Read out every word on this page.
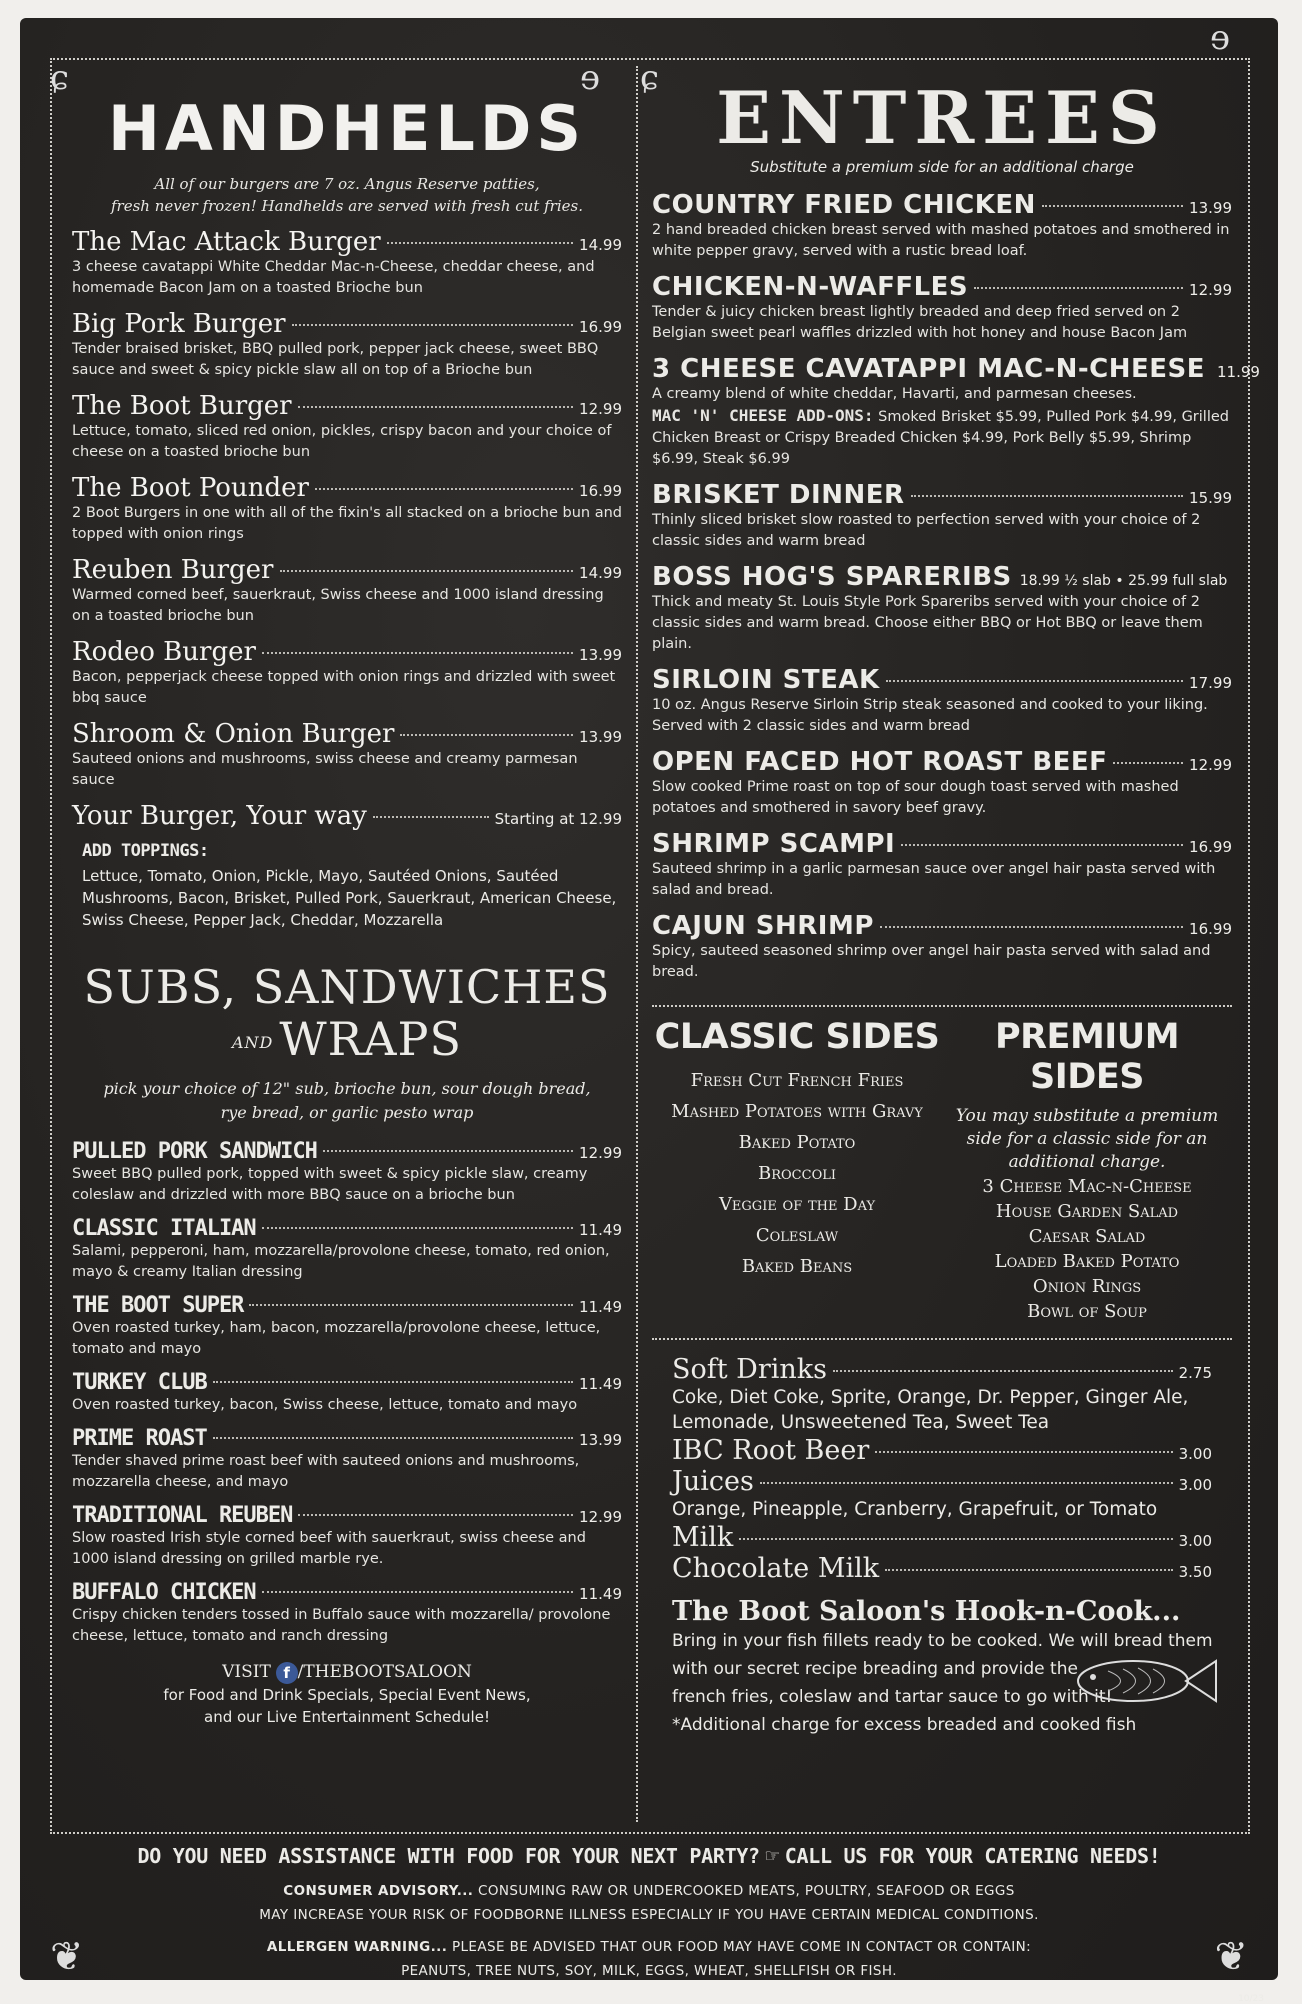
ɕ	ɘ ɕ
ɘ
HANDHELDS
All of our burgers are 7 oz. Angus Reserve patties,
fresh never frozen! Handhelds are served with fresh cut fries.
The Mac Attack Burger	14.99
3 cheese cavatappi White Cheddar Mac-n-Cheese, cheddar cheese, and homemade Bacon Jam on a toasted Brioche bun
Big Pork Burger	16.99
Tender braised brisket, BBQ pulled pork, pepper jack cheese, sweet BBQ sauce and sweet & spicy pickle slaw all on top of a Brioche bun
The Boot Burger	12.99
Lettuce, tomato, sliced red onion, pickles, crispy bacon and your choice of cheese on a toasted brioche bun
The Boot Pounder	16.99
2 Boot Burgers in one with all of the fixin's all stacked on a brioche bun and topped with onion rings
Reuben Burger	14.99
Warmed corned beef, sauerkraut, Swiss cheese and 1000 island dressing on a toasted brioche bun
Rodeo Burger	13.99
Bacon, pepperjack cheese topped with onion rings and drizzled with sweet bbq sauce
Shroom & Onion Burger	13.99
Sauteed onions and mushrooms, swiss cheese and creamy parmesan sauce
Your Burger, Your way	Starting at 12.99
ADD TOPPINGS:
Lettuce, Tomato, Onion, Pickle, Mayo, Sautéed Onions, Sautéed Mushrooms, Bacon, Brisket, Pulled Pork, Sauerkraut, American Cheese, Swiss Cheese, Pepper Jack, Cheddar, Mozzarella
SUBS, SANDWICHES
AND WRAPS
pick your choice of 12" sub, brioche bun, sour dough bread,
rye bread, or garlic pesto wrap
PULLED PORK SANDWICH	12.99
Sweet BBQ pulled pork, topped with sweet & spicy pickle slaw, creamy coleslaw and drizzled with more BBQ sauce on a brioche bun
CLASSIC ITALIAN	11.49
Salami, pepperoni, ham, mozzarella/provolone cheese, tomato, red onion, mayo & creamy Italian dressing
THE BOOT SUPER	11.49
Oven roasted turkey, ham, bacon, mozzarella/provolone cheese, lettuce, tomato and mayo
TURKEY CLUB	11.49
Oven roasted turkey, bacon, Swiss cheese, lettuce, tomato and mayo
PRIME ROAST	13.99
Tender shaved prime roast beef with sauteed onions and mushrooms, mozzarella cheese, and mayo
TRADITIONAL REUBEN	12.99
Slow roasted Irish style corned beef with sauerkraut, swiss cheese and 1000 island dressing on grilled marble rye.
BUFFALO CHICKEN	11.49
Crispy chicken tenders tossed in Buffalo sauce with mozzarella/ provolone cheese, lettuce, tomato and ranch dressing
VISIT f /THEBOOTSALOON
for Food and Drink Specials, Special Event News,
and our Live Entertainment Schedule!
ENTREES
Substitute a premium side for an additional charge
COUNTRY FRIED CHICKEN	13.99
2 hand breaded chicken breast served with mashed potatoes and smothered in white pepper gravy, served with a rustic bread loaf.
CHICKEN-N-WAFFLES	12.99
Tender & juicy chicken breast lightly breaded and deep fried served on 2 Belgian sweet pearl waffles drizzled with hot honey and house Bacon Jam
3 CHEESE CAVATAPPI MAC-N-CHEESE 11.99
A creamy blend of white cheddar, Havarti, and parmesan cheeses.
MAC 'N' CHEESE ADD-ONS: Smoked Brisket $5.99, Pulled Pork $4.99, Grilled Chicken Breast or Crispy Breaded Chicken $4.99, Pork Belly $5.99, Shrimp $6.99, Steak $6.99
BRISKET DINNER	15.99
Thinly sliced brisket slow roasted to perfection served with your choice of 2 classic sides and warm bread
BOSS HOG'S SPARERIBS 18.99 ½ slab • 25.99 full slab
Thick and meaty St. Louis Style Pork Spareribs served with your choice of 2 classic sides and warm bread. Choose either BBQ or Hot BBQ or leave them plain.
SIRLOIN STEAK	17.99
10 oz. Angus Reserve Sirloin Strip steak seasoned and cooked to your liking. Served with 2 classic sides and warm bread
OPEN FACED HOT ROAST BEEF	12.99
Slow cooked Prime roast on top of sour dough toast served with mashed potatoes and smothered in savory beef gravy.
SHRIMP SCAMPI	16.99
Sauteed shrimp in a garlic parmesan sauce over angel hair pasta served with salad and bread.
CAJUN SHRIMP	16.99
Spicy, sauteed seasoned shrimp over angel hair pasta served with salad and bread.
CLASSIC SIDES
Fresh Cut French Fries
Mashed Potatoes with Gravy
Baked Potato
Broccoli
Veggie of the Day
Coleslaw
Baked Beans
PREMIUM SIDES
You may substitute a premium side for a classic side for an additional charge.
3 Cheese Mac-n-Cheese
House Garden Salad
Caesar Salad
Loaded Baked Potato
Onion Rings
Bowl of Soup
Soft Drinks	2.75
Coke, Diet Coke, Sprite, Orange, Dr. Pepper, Ginger Ale, Lemonade, Unsweetened Tea, Sweet Tea
IBC Root Beer	3.00
Juices	3.00
Orange, Pineapple, Cranberry, Grapefruit, or Tomato
Milk	3.00
Chocolate Milk	3.50
The Boot Saloon's Hook-n-Cook...
Bring in your fish fillets ready to be cooked. We will bread them
with our secret recipe breading and provide the
french fries, coleslaw and tartar sauce to go with it!
*Additional charge for excess breaded and cooked fish
DO YOU NEED ASSISTANCE WITH FOOD FOR YOUR NEXT PARTY? ☞ CALL US FOR YOUR CATERING NEEDS!
CONSUMER ADVISORY... CONSUMING RAW OR UNDERCOOKED MEATS, POULTRY, SEAFOOD OR EGGS
MAY INCREASE YOUR RISK OF FOODBORNE ILLNESS ESPECIALLY IF YOU HAVE CERTAIN MEDICAL CONDITIONS.
ALLERGEN WARNING... PLEASE BE ADVISED THAT OUR FOOD MAY HAVE COME IN CONTACT OR CONTAIN:
PEANUTS, TREE NUTS, SOY, MILK, EGGS, WHEAT, SHELLFISH OR FISH.
❦	❦
10/23
